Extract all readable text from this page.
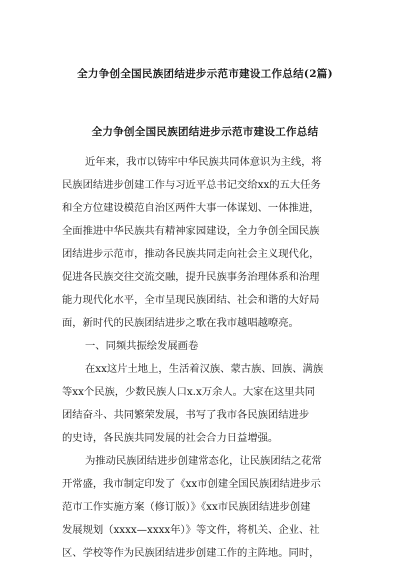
全力争创全国民族团结进步示范市建设工作总结(2篇)
全力争创全国民族团结进步示范市建设工作总结
近年来，我市以铸牢中华民族共同体意识为主线，将
民族团结进步创建工作与习近平总书记交给xx的五大任务
和全方位建设模范自治区两件大事一体谋划、一体推进，
全面推进中华民族共有精神家园建设，全力争创全国民族
团结进步示范市，推动各民族共同走向社会主义现代化，
促进各民族交往交流交融，提升民族事务治理体系和治理
能力现代化水平，全市呈现民族团结、社会和谐的大好局
面，新时代的民族团结进步之歌在我市越唱越嘹亮。
一、同频共振绘发展画卷
在xx这片土地上，生活着汉族、蒙古族、回族、满族
等xx个民族，少数民族人口x.x万余人。大家在这里共同
团结奋斗、共同繁荣发展，书写了我市各民族团结进步
的史诗，各民族共同发展的社会合力日益增强。
为推动民族团结进步创建常态化，让民族团结之花常
开常盛，我市制定印发了《xx市创建全国民族团结进步示
范市工作实施方案（修订版）》《xx市民族团结进步创建
发展规划（xxxx—xxxx年）》等文件，将机关、企业、社
区、学校等作为民族团结进步创建工作的主阵地。同时，
